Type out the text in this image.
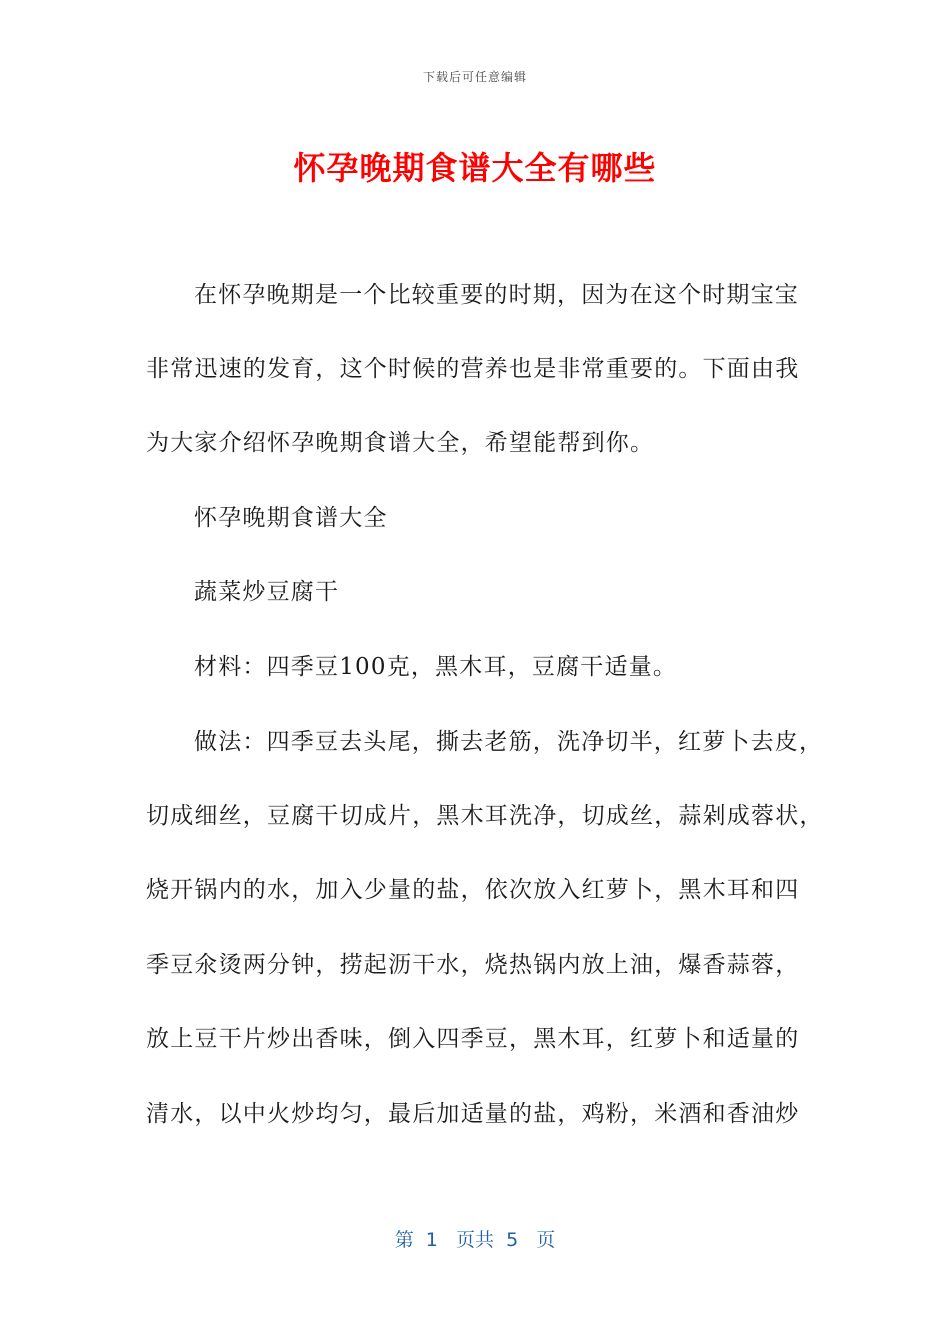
下载后可任意编辑
怀孕晚期食谱大全有哪些
在怀孕晚期是一个比较重要的时期，因为在这个时期宝宝
非常迅速的发育，这个时候的营养也是非常重要的。下面由我
为大家介绍怀孕晚期食谱大全，希望能帮到你。
怀孕晚期食谱大全
蔬菜炒豆腐干
材料：四季豆100克，黑木耳，豆腐干适量。
做法：四季豆去头尾，撕去老筋，洗净切半，红萝卜去皮，
切成细丝，豆腐干切成片，黑木耳洗净，切成丝，蒜剁成蓉状，
烧开锅内的水，加入少量的盐，依次放入红萝卜，黑木耳和四
季豆氽烫两分钟，捞起沥干水，烧热锅内放上油，爆香蒜蓉，
放上豆干片炒出香味，倒入四季豆，黑木耳，红萝卜和适量的
清水，以中火炒均匀，最后加适量的盐，鸡粉，米酒和香油炒
第  1   页共  5   页
